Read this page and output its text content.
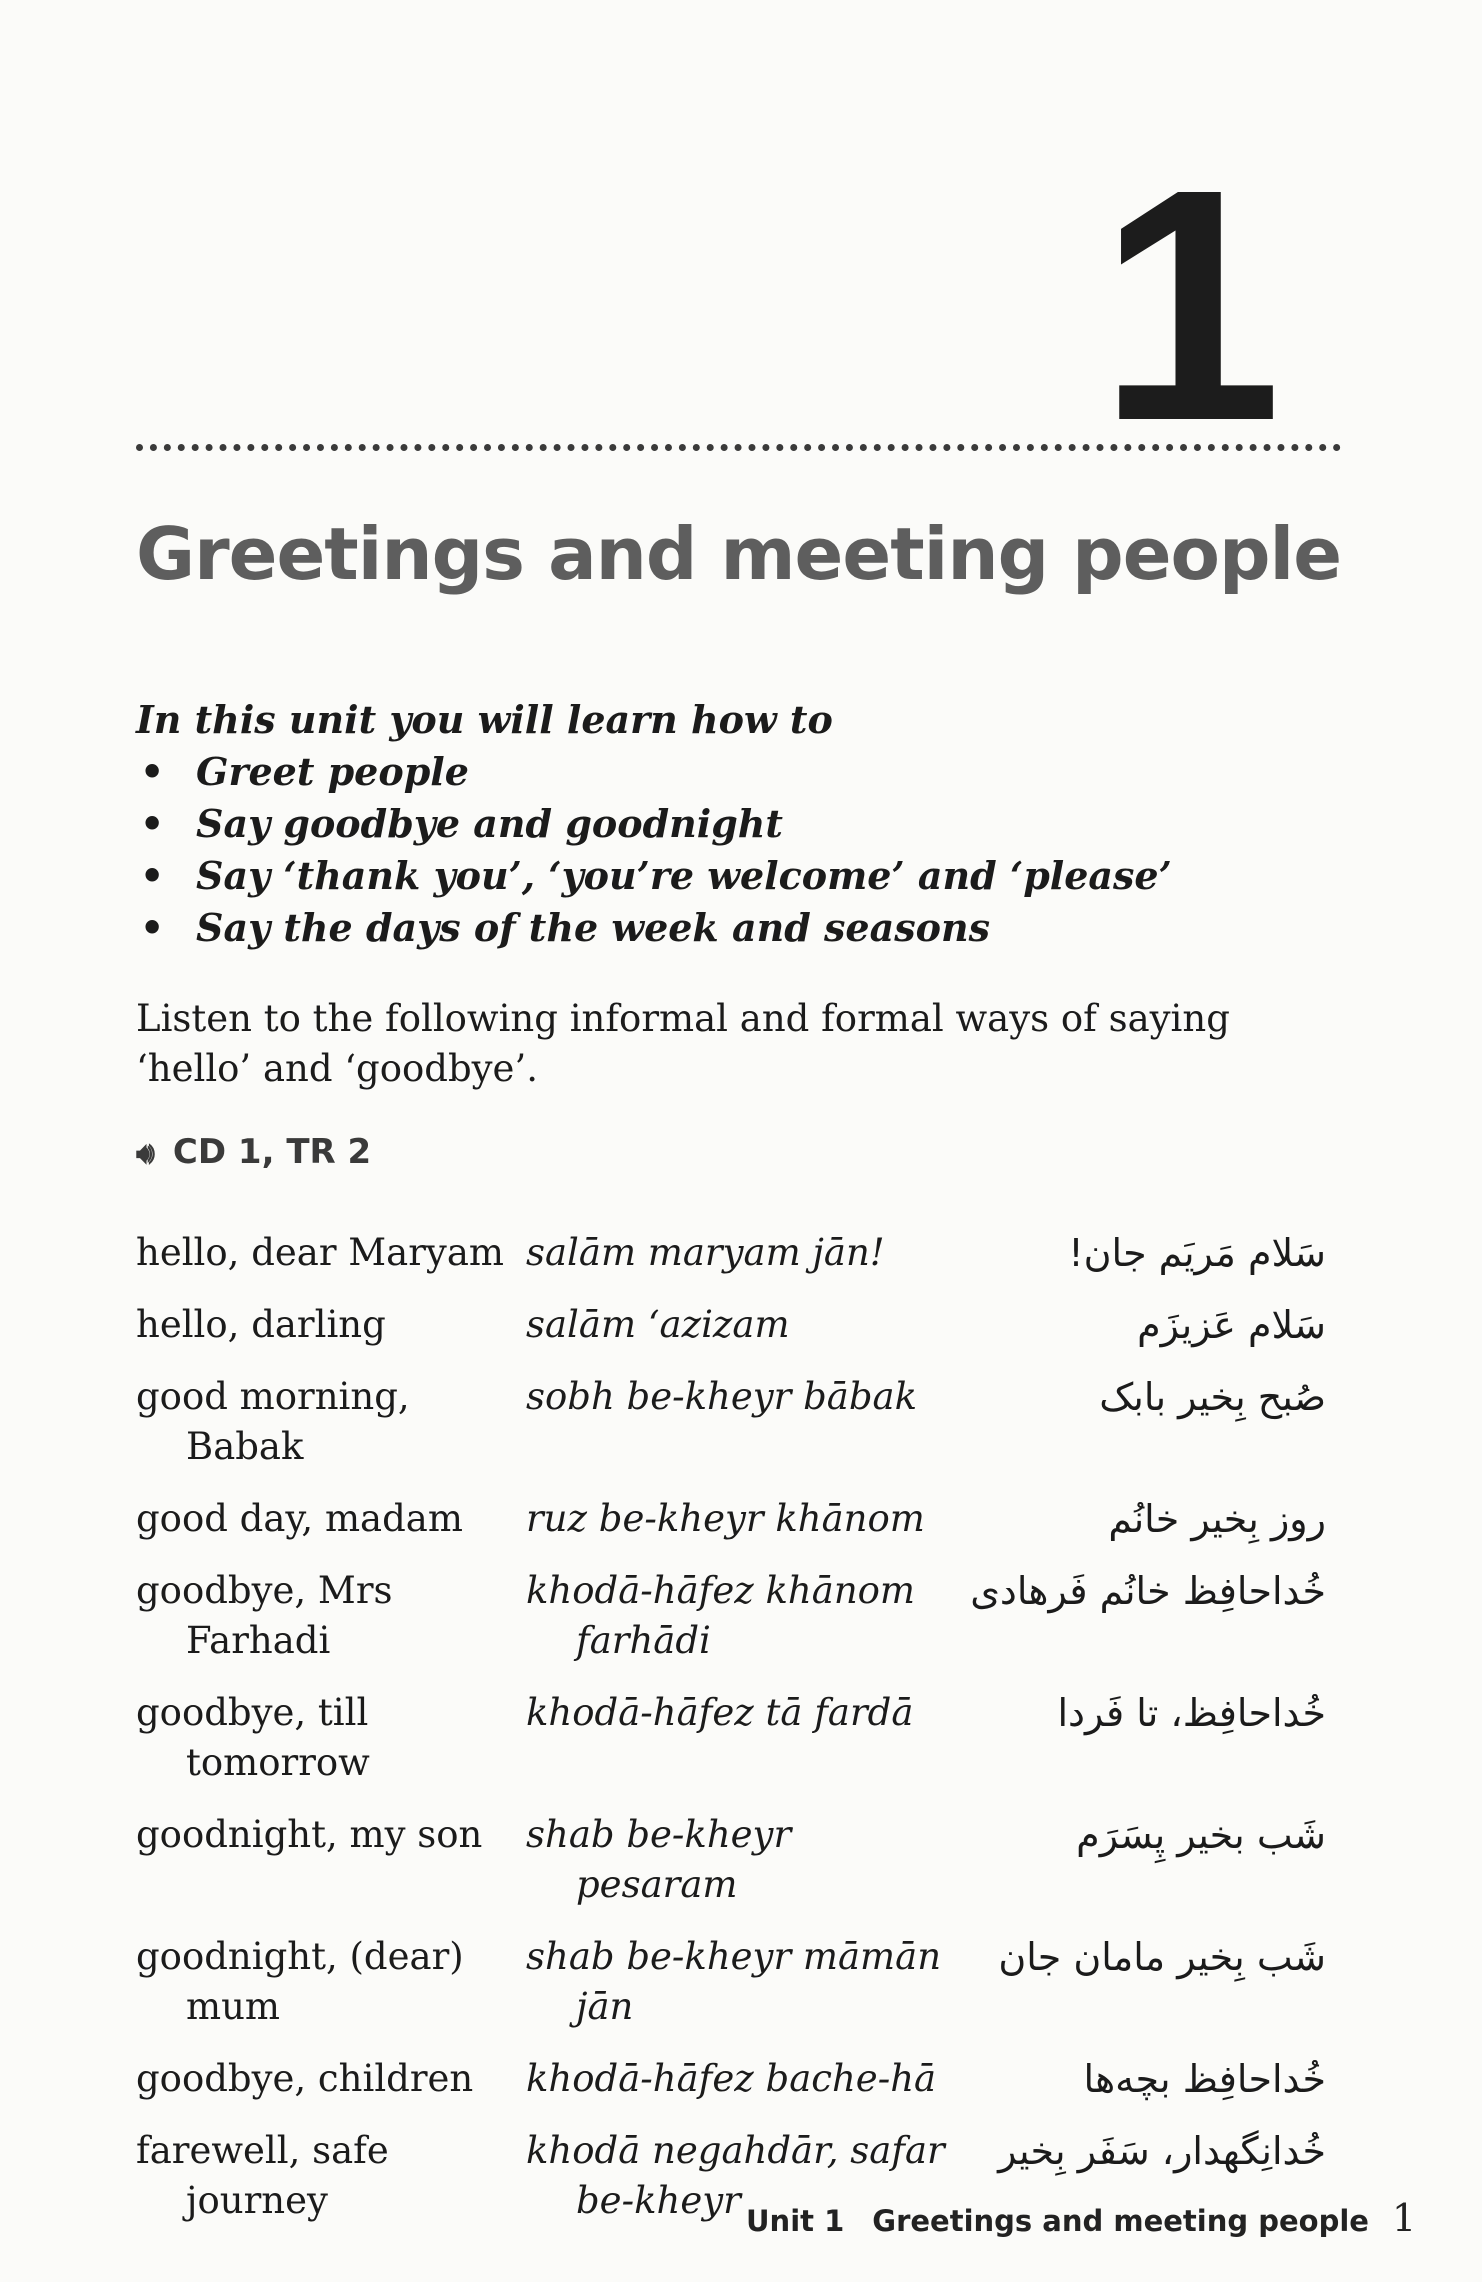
1
Greetings and meeting people
In this unit you will learn how to
• Greet people
• Say goodbye and goodnight
• Say ‘thank you’, ‘you’re welcome’ and ‘please’
• Say the days of the week and seasons
Listen to the following informal and formal ways of saying ‘hello’ and ‘goodbye’.
🔊︎ CD 1, TR 2
hello, dear Maryam	salām maryam jān!	سَلام مَریَم جان!

hello, darling	salām ‘azizam	سَلام عَزیزَم

good morning, Babak	sobh be-kheyr bābak	صُبح بِخیر بابک

good day, madam	ruz be-kheyr khānom	روز بِخیر خانُم

goodbye, Mrs Farhadi	khodā-hāfez khānom farhādi	خُداحافِظ خانُم فَرهادی

goodbye, till tomorrow	khodā-hāfez tā fardā	خُداحافِظ، تا فَردا

goodnight, my son	shab be-kheyr pesaram	شَب بخیر پِسَرَم

goodnight, (dear) mum	shab be-kheyr māmān jān	شَب بِخیر مامان جان

goodbye, children	khodā-hāfez bache-hā	خُداحافِظ بچه‌ها

farewell, safe journey	khodā negahdār, safar be-kheyr	خُدانِگهدار، سَفَر بِخیر
Unit 1 Greetings and meeting people 1
